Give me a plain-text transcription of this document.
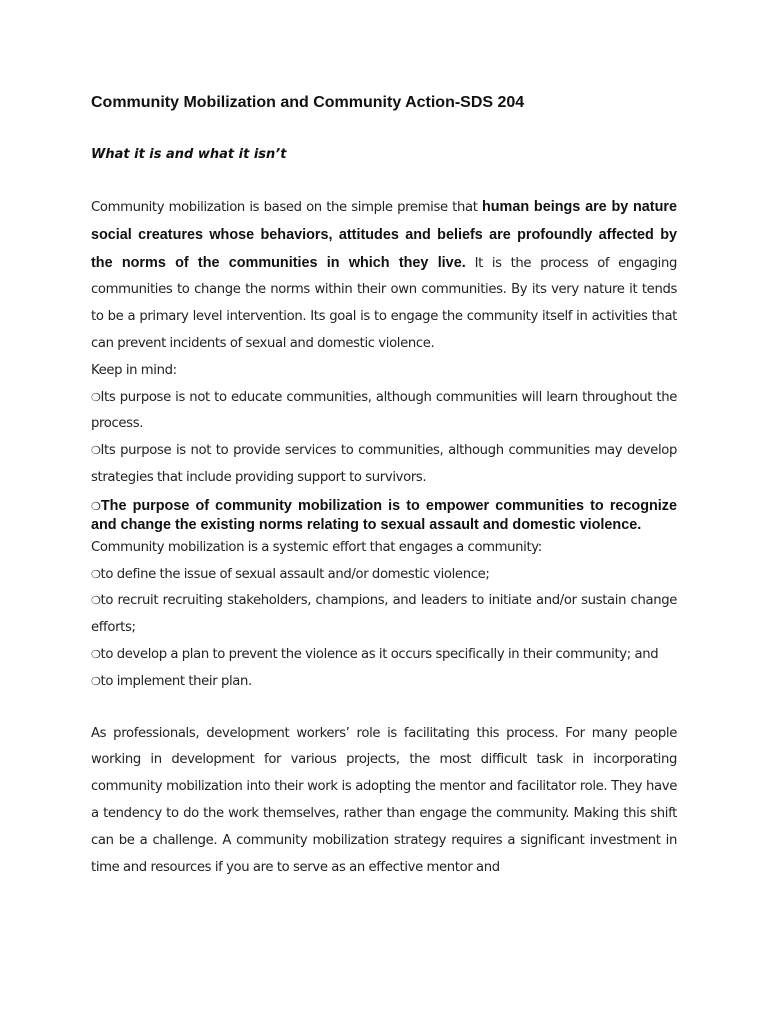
Community Mobilization and Community Action-SDS 204

What it is and what it isn’t

Community mobilization is based on the simple premise that human beings are by nature social creatures whose behaviors, attitudes and beliefs are profoundly affected by the norms of the communities in which they live. It is the process of engaging communities to change the norms within their own communities. By its very nature it tends to be a primary level intervention. Its goal is to engage the community itself in activities that can prevent incidents of sexual and domestic violence.

Keep in mind:

❍Its purpose is not to educate communities, although communities will learn throughout the process.

❍Its purpose is not to provide services to communities, although communities may develop strategies that include providing support to survivors.

❍The purpose of community mobilization is to empower communities to recognize and change the existing norms relating to sexual assault and domestic violence.

Community mobilization is a systemic effort that engages a community:

❍to define the issue of sexual assault and/or domestic violence;

❍to recruit recruiting stakeholders, champions, and leaders to initiate and/or sustain change efforts;

❍to develop a plan to prevent the violence as it occurs specifically in their community; and

❍to implement their plan.

As professionals, development workers’ role is facilitating this process. For many people working in development for various projects, the most difficult task in incorporating community mobilization into their work is adopting the mentor and facilitator role. They have a tendency to do the work themselves, rather than engage the community. Making this shift can be a challenge. A community mobilization strategy requires a significant investment in time and resources if you are to serve as an effective mentor and
